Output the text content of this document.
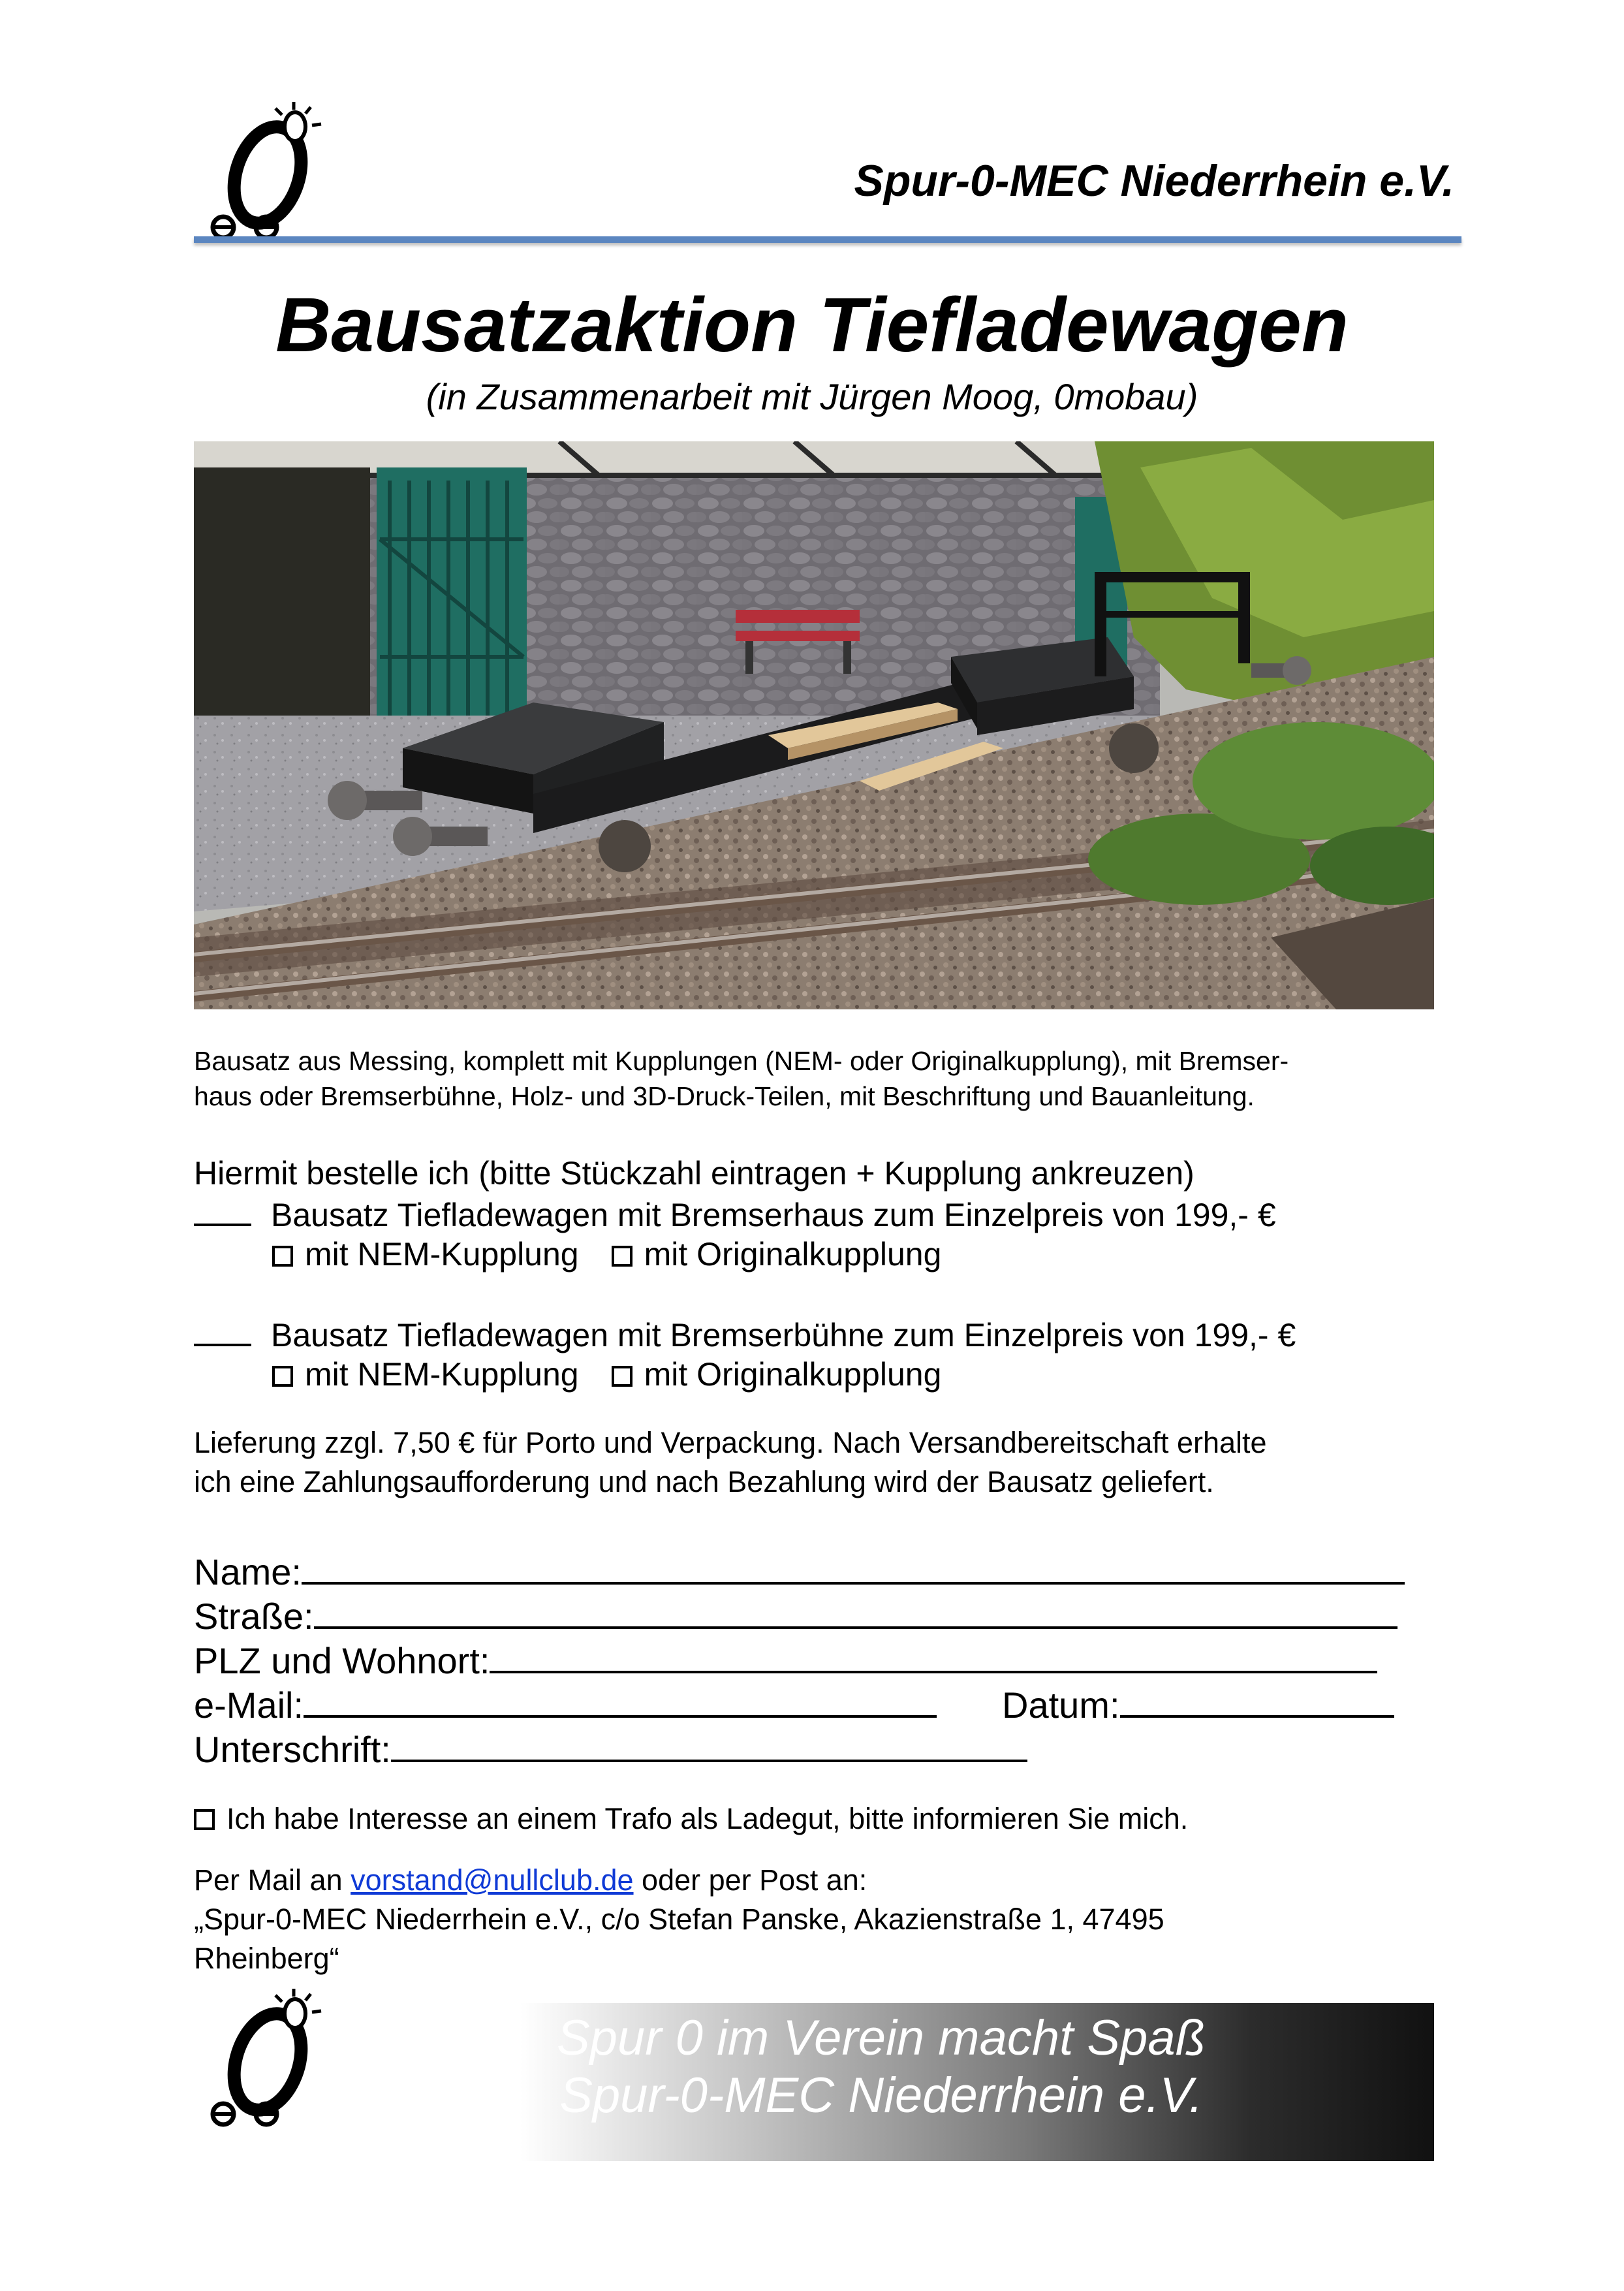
Spur-0-MEC Niederrhein e.V.
Bausatzaktion Tiefladewagen
(in Zusammenarbeit mit Jürgen Moog, 0mobau)
Bausatz aus Messing, komplett mit Kupplungen (NEM- oder Originalkupplung), mit Bremser-
haus oder Bremserbühne, Holz- und 3D-Druck-Teilen, mit Beschriftung und Bauanleitung.
Hiermit bestelle ich (bitte Stückzahl eintragen + Kupplung ankreuzen)
Bausatz Tiefladewagen mit Bremserhaus zum Einzelpreis von 199,- €
mit NEM-Kupplung mit Originalkupplung
Bausatz Tiefladewagen mit Bremserbühne zum Einzelpreis von 199,- €
mit NEM-Kupplung mit Originalkupplung
Lieferung zzgl. 7,50 € für Porto und Verpackung. Nach Versandbereitschaft erhalte
ich eine Zahlungsaufforderung und nach Bezahlung wird der Bausatz geliefert.
Name:
Straße:
PLZ und Wohnort:
e-Mail:	Datum:
Unterschrift:
Ich habe Interesse an einem Trafo als Ladegut, bitte informieren Sie mich.
Per Mail an vorstand@nullclub.de oder per Post an:
„Spur-0-MEC Niederrhein e.V., c/o Stefan Panske, Akazienstraße 1, 47495
Rheinberg“
Spur 0 im Verein macht Spaß
Spur-0-MEC Niederrhein e.V.
